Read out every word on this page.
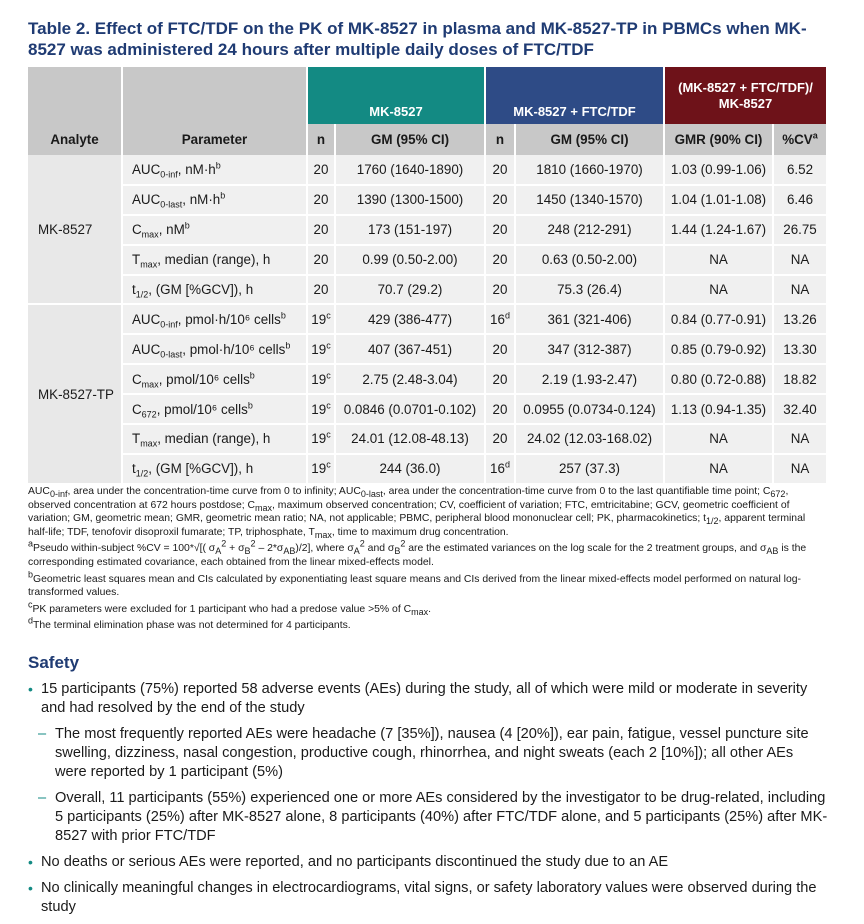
Table 2. Effect of FTC/TDF on the PK of MK-8527 in plasma and MK-8527-TP in PBMCs when MK-8527 was administered 24 hours after multiple daily doses of FTC/TDF
		MK-8527		MK-8527 + FTC/TDF		(MK-8527 + FTC/TDF)/ MK-8527	
Analyte	Parameter	n	GM (95% CI)	n	GM (95% CI)	GMR (90% CI)	$\%CV^a$
MK-8527	$AUC_{0-inf}$, $nM\cdot h^b$	20	1760 (1640-1890)	20	1810 (1660-1970)	1.03 (0.99-1.06)	6.52
	$AUC_{0-last}$, $nM\cdot h^b$	20	1390 (1300-1500)	20	1450 (1340-1570)	1.04 (1.01-1.08)	6.46
	$C_{max}$, $nM^b$	20	173 (151-197)	20	248 (212-291)	1.44 (1.24-1.67)	26.75
	$T_{max}$, median (range), h	20	0.99 (0.50-2.00)	20	0.63 (0.50-2.00)	NA	NA
	$t_{1/2}$, (GM [%GCV]), h	20	70.7 (29.2)	20	75.3 (26.4)	NA	NA
MK-8527-TP	$AUC_{0-inf}$, pmol·h/10⁶ cells$^b$	19$^c$	429 (386-477)	16$^d$	361 (321-406)	0.84 (0.77-0.91)	13.26
	$AUC_{0-last}$, pmol·h/10⁶ cells$^b$	19$^c$	407 (367-451)	20	347 (312-387)	0.85 (0.79-0.92)	13.30
	$C_{max}$, pmol/10⁶ cells$^b$	19$^c$	2.75 (2.48-3.04)	20	2.19 (1.93-2.47)	0.80 (0.72-0.88)	18.82
	$C_{672}$, pmol/10⁶ cells$^b$	19$^c$	0.0846 (0.0701-0.102)	20	0.0955 (0.0734-0.124)	1.13 (0.94-1.35)	32.40
	$T_{max}$, median (range), h	19$^c$	24.01 (12.08-48.13)	20	24.02 (12.03-168.02)	NA	NA
	$t_{1/2}$, (GM [%GCV]), h	19$^c$	244 (36.0)	16$^d$	257 (37.3)	NA	NA

$AUC_{0-inf}$, area under the concentration-time curve from 0 to infinity; $AUC_{0-last}$, area under the concentration-time curve from 0 to the last quantifiable time point; $C_{672}$, observed concentration at 672 hours postdose; $C_{max}$, maximum observed concentration; CV, coefficient of variation; FTC, emtricitabine; GCV, geometric coefficient of variation; GM, geometric mean; GMR, geometric mean ratio; NA, not applicable; PBMC, peripheral blood mononuclear cell; PK, pharmacokinetics; $t_{1/2}$, apparent terminal half-life; TDF, tenofovir disoproxil fumarate; TP, triphosphate, $T_{max}$, time to maximum drug concentration.

$^a$Pseudo within-subject %CV = 100*√[( $\sigma_A^2 + \sigma_B^2 - 2*\sigma_{AB})/2$], where $\sigma_A^2$ and $\sigma_B^2$ are the estimated variances on the log scale for the 2 treatment groups, and $\sigma_{AB}$ is the corresponding estimated covariance, each obtained from the linear mixed-effects model.

$^b$Geometric least squares mean and CIs calculated by exponentiating least square means and CIs derived from the linear mixed-effects model performed on natural log-transformed values.

$^c$PK parameters were excluded for 1 participant who had a predose value >5% of $C_{max}$.

$^d$The terminal elimination phase was not determined for 4 participants.

Safety
• 15 participants (75%) reported 58 adverse events (AEs) during the study, all of which were mild or moderate in severity and had resolved by the end of the study
– The most frequently reported AEs were headache (7 [35%]), nausea (4 [20%]), ear pain, fatigue, vessel puncture site swelling, dizziness, nasal congestion, productive cough, rhinorrhea, and night sweats (each 2 [10%]); all other AEs were reported by 1 participant (5%)
– Overall, 11 participants (55%) experienced one or more AEs considered by the investigator to be drug-related, including 5 participants (25%) after MK-8527 alone, 8 participants (40%) after FTC/TDF alone, and 5 participants (25%) after MK-8527 with prior FTC/TDF
• No deaths or serious AEs were reported, and no participants discontinued the study due to an AE
• No clinically meaningful changes in electrocardiograms, vital signs, or safety laboratory values were observed during the study
